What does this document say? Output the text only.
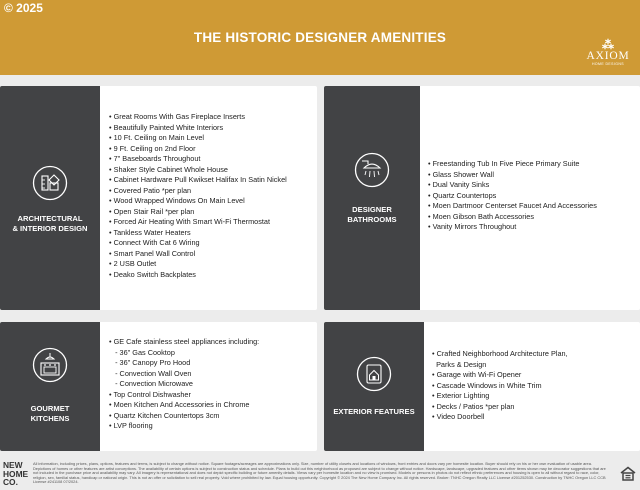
© 2025
THE HISTORIC DESIGNER AMENITIES	⁂
AXIOM
HOME DESIGNS
ARCHITECTURAL
& INTERIOR DESIGN
• Great Rooms With Gas Fireplace Inserts
• Beautifully Painted White Interiors
• 10 Ft. Ceiling on Main Level
• 9 Ft. Ceiling on 2nd Floor
• 7" Baseboards Throughout
• Shaker Style Cabinet Whole House
• Cabinet Hardware Pull Kwikset Halifax In Satin Nickel
• Covered Patio *per plan
• Wood Wrapped Windows On Main Level
• Open Stair Rail *per plan
• Forced Air Heating With Smart Wi-Fi Thermostat
• Tankless Water Heaters
• Connect With Cat 6 Wiring
• Smart Panel Wall Control
• 2 USB Outlet
• Deako Switch Backplates
DESIGNER
BATHROOMS
• Freestanding Tub In Five Piece Primary Suite
• Glass Shower Wall
• Dual Vanity Sinks
• Quartz Countertops
• Moen Dartmoor Centerset Faucet And Accessories
• Moen Gibson Bath Accessories
• Vanity Mirrors Throughout
GOURMET
KITCHENS
• GE Cafe stainless steel appliances including:
- 36" Gas Cooktop
- 36" Canopy Pro Hood
- Convection Wall Oven
- Convection Microwave
• Top Control Dishwasher
• Moen Kitchen And Accessories in Chrome
• Quartz Kitchen Countertops 3cm
• LVP flooring
EXTERIOR FEATURES
• Crafted Neighborhood Architecture Plan,
Parks & Design
• Garage with Wi-Fi Opener
• Cascade Windows in White Trim
• Exterior Lighting
• Decks / Patios *per plan
• Video Doorbell
NEW
HOME
CO.
All information, including prices, plans, options, features and terms, is subject to change without notice. Square footages/acreages are approximations only. Size, number of utility closets and locations of windows, front entries and doors vary per homesite location. Buyer should rely on his or her own evaluation of usable area. Depictions of homes or other features are artist conceptions. The availability of certain options is subject to construction status and schedule. Plans to build out this neighborhood as proposed are subject to change without notice. Hardscape, landscape, upgraded features and other items shown may be decorator suggestions that are not included in the purchase price and availability may vary. All imagery is representational and does not depict specific building or future amenity details. Views vary per homesite location and no view is promised. Models or persons in photos do not reflect ethnic preferences and housing is open to all without regard to race, color, religion, sex, familial status, handicap or national origin. This is not an offer or solicitation to sell real property. Void where prohibited by law. Equal housing opportunity. Copyright © 2024 The New Home Company Inc. All rights reserved. Broker: TNHC Oregon Realty LLC License #201252530. Construction by TNHC Oregon LLC CCB License #241108 07/2024.
